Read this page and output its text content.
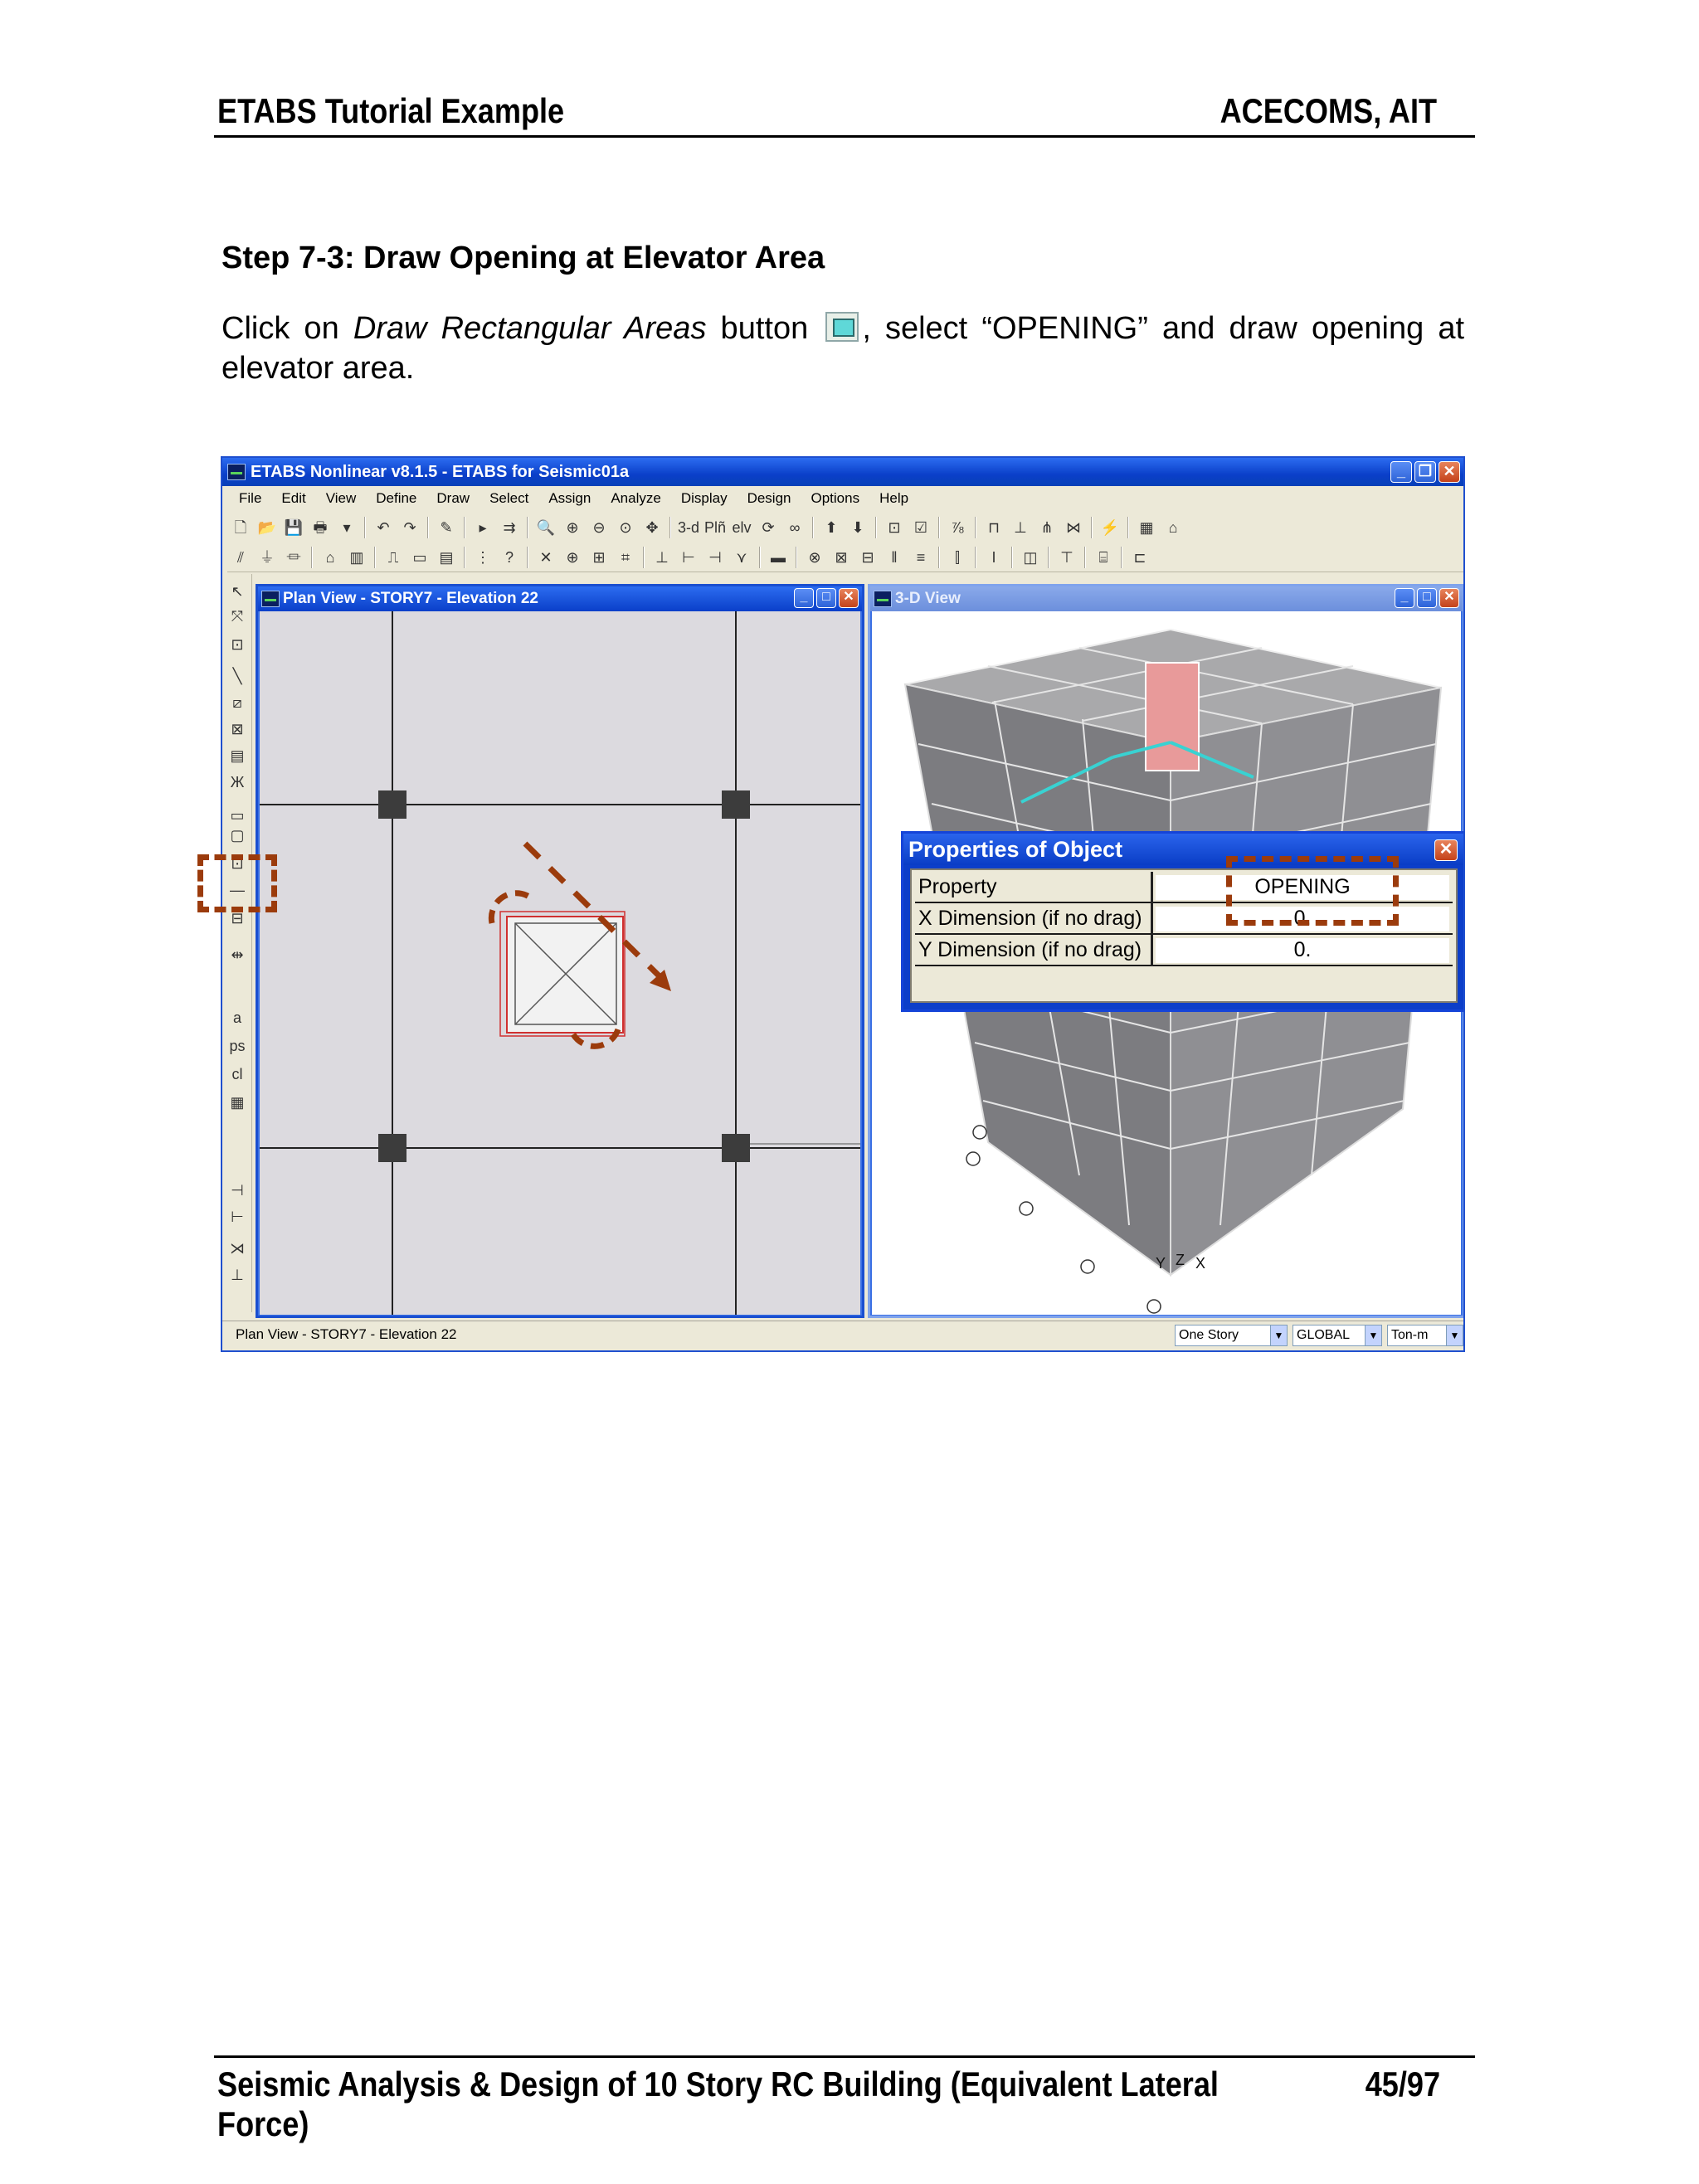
ETABS Tutorial Example	ACECOMS, AIT
Step 7-3: Draw Opening at Elevator Area
Click on Draw Rectangular Areas button , select “OPENING” and draw opening at elevator area.
ETABS Nonlinear v8.1.5 - ETABS for Seismic01a	_ ❐ ✕
File	Edit	View	Define	Draw	Select	Assign	Analyze	Display	Design	Options	Help
🗋 📂 💾 🖶	▾	↶ ↷	✎	▸	⇉	🔍 ⊕ ⊖ ⊙ ✥	3-d Plñ elv ⟳	∞	⬆ ⬇	⊡ ☑	⅞	⊓ ⊥ ⋔ ⋈ ⚡ ▦	⌂
⫽	⏚ ⏛	⌂	▥	⎍ ▭ ▤ ⋮ ?	✕ ⊕ ⊞	⌗	⊥ ⊢ ⊣ ⋎	▬	⊗ ⊠ ⊟	‖	≡	⫿	I	◫ ⊤	⌸	⊏
↖
⤧
⊡
╲
⧄
⊠
▤
Ж
▭
▢
⊡
—
⊟
⇹
a
ps
cl
▦
⊣
⊢
⋊
⊥
Plan View - STORY7 - Elevation 22	_	□ ✕	3-D View	_	□ ✕
Y Z X
Properties of Object	✕
Property	OPENING
X Dimension (if no drag)	0.
Y Dimension (if no drag)	0.
Plan View - STORY7 - Elevation 22	One Story	▼ GLOBAL	▼ Ton-m	▼
Seismic Analysis & Design of 10 Story RC Building (Equivalent Lateral Force)
45/97
